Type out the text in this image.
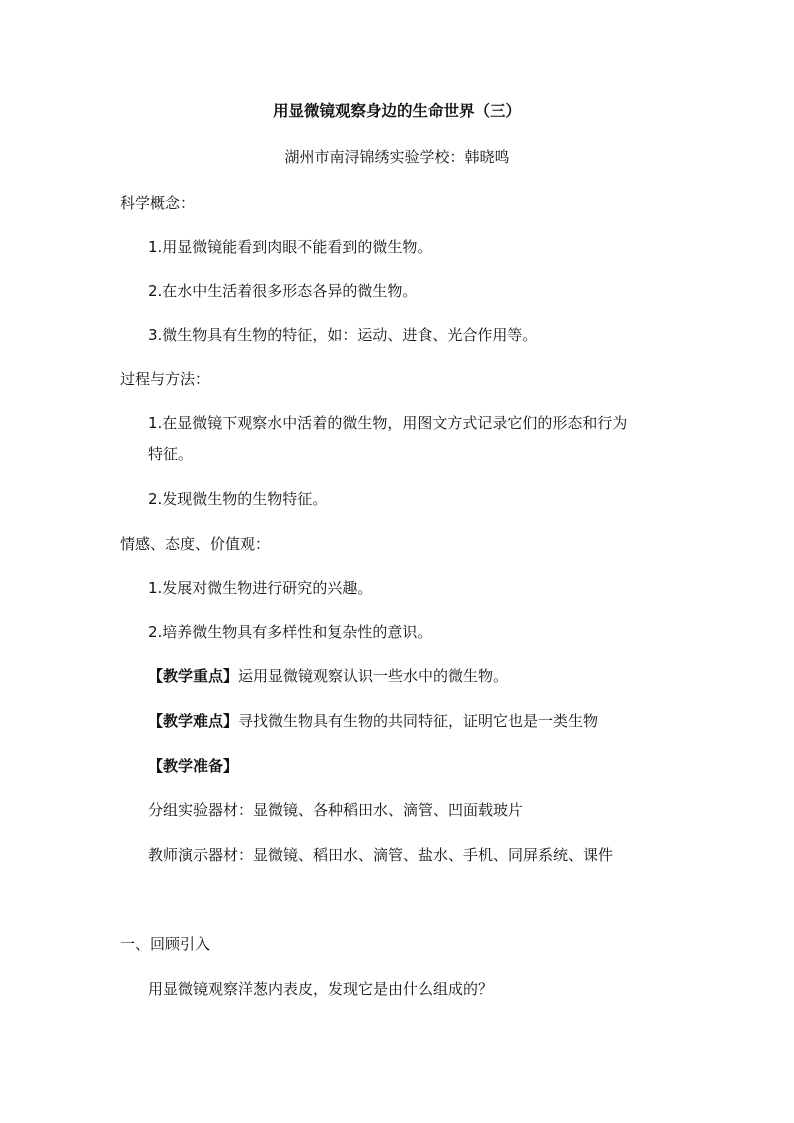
用显微镜观察身边的生命世界（三）
湖州市南浔锦绣实验学校：韩晓鸣
科学概念：
1.用显微镜能看到肉眼不能看到的微生物。
2.在水中生活着很多形态各异的微生物。
3.微生物具有生物的特征，如：运动、进食、光合作用等。
过程与方法：
1.在显微镜下观察水中活着的微生物，用图文方式记录它们的形态和行为
特征。
2.发现微生物的生物特征。
情感、态度、价值观：
1.发展对微生物进行研究的兴趣。
2.培养微生物具有多样性和复杂性的意识。
【教学重点】运用显微镜观察认识一些水中的微生物。
【教学难点】寻找微生物具有生物的共同特征，证明它也是一类生物
【教学准备】
分组实验器材：显微镜、各种稻田水、滴管、凹面载玻片
教师演示器材：显微镜、稻田水、滴管、盐水、手机、同屏系统、课件
一、回顾引入
用显微镜观察洋葱内表皮，发现它是由什么组成的？
